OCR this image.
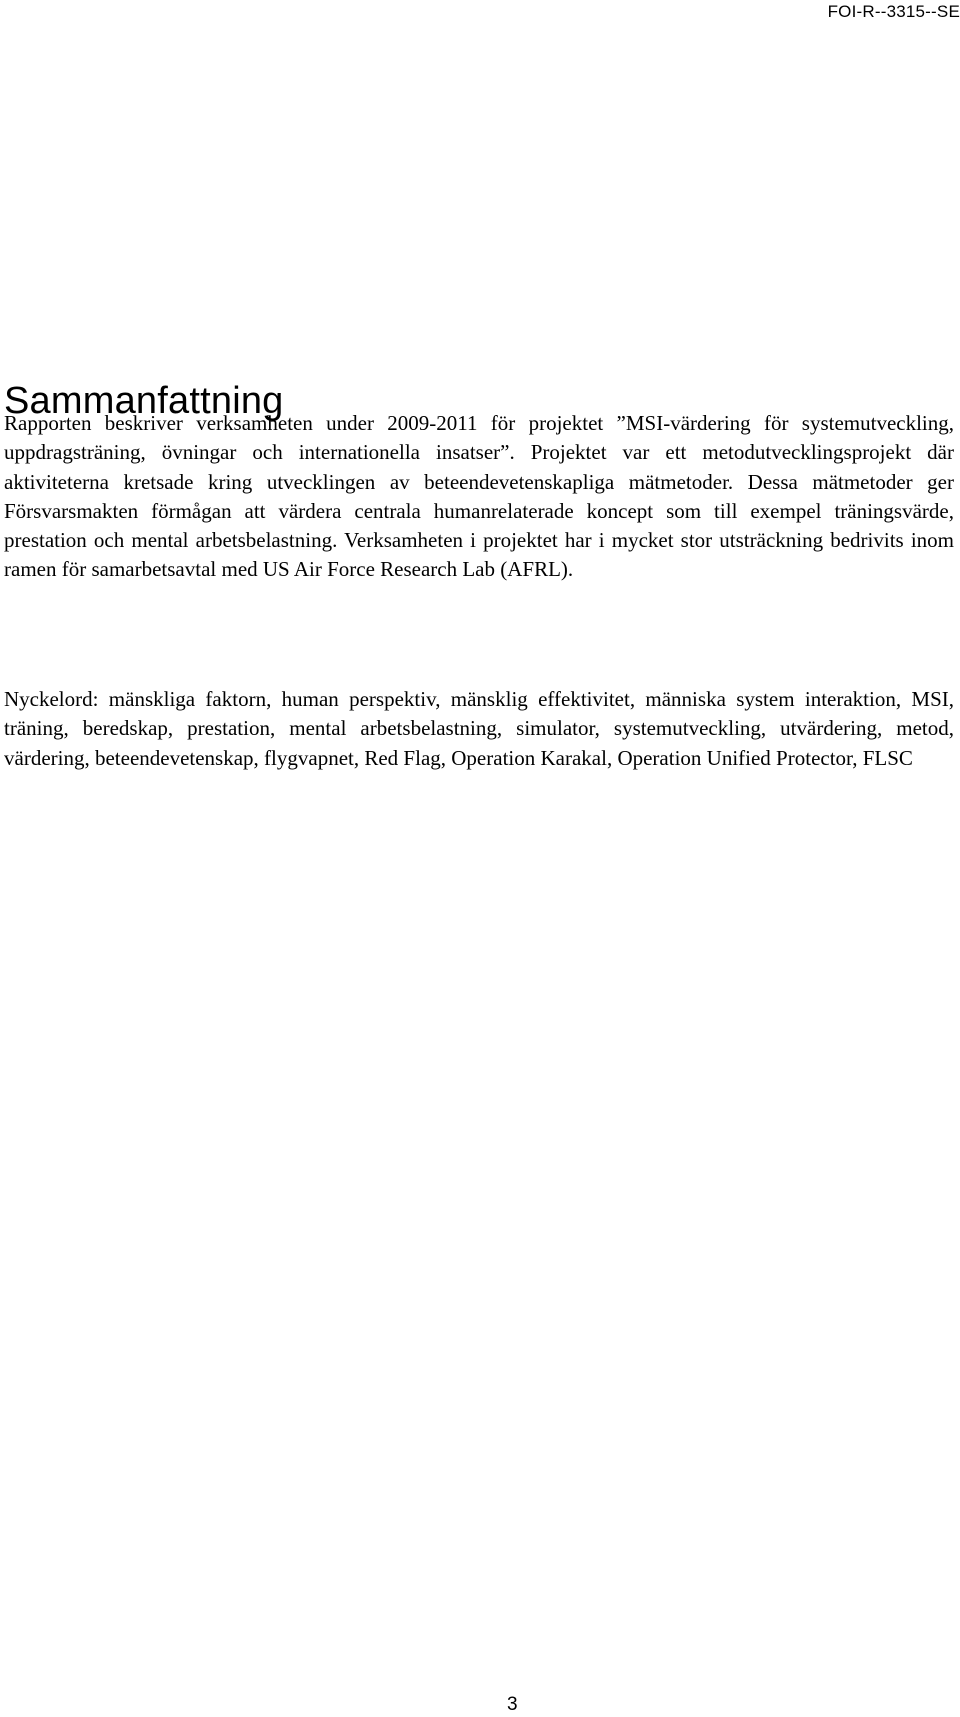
FOI-R--3315--SE

Sammanfattning

Rapporten beskriver verksamheten under 2009-2011 för projektet ”MSI-värdering för systemutveckling, uppdragsträning, övningar och internationella insatser”. Projektet var ett metodutvecklingsprojekt där aktiviteterna kretsade kring utvecklingen av beteendevetenskapliga mätmetoder. Dessa mätmetoder ger Försvarsmakten förmågan att värdera centrala humanrelaterade koncept som till exempel träningsvärde, prestation och mental arbetsbelastning. Verksamheten i projektet har i mycket stor utsträckning bedrivits inom ramen för samarbetsavtal med US Air Force Research Lab (AFRL).

Nyckelord: mänskliga faktorn, human perspektiv, mänsklig effektivitet, människa system interaktion, MSI, träning, beredskap, prestation, mental arbetsbelastning, simulator, systemutveckling, utvärdering, metod, värdering, beteendevetenskap, flygvapnet, Red Flag, Operation Karakal, Operation Unified Protector, FLSC

3
